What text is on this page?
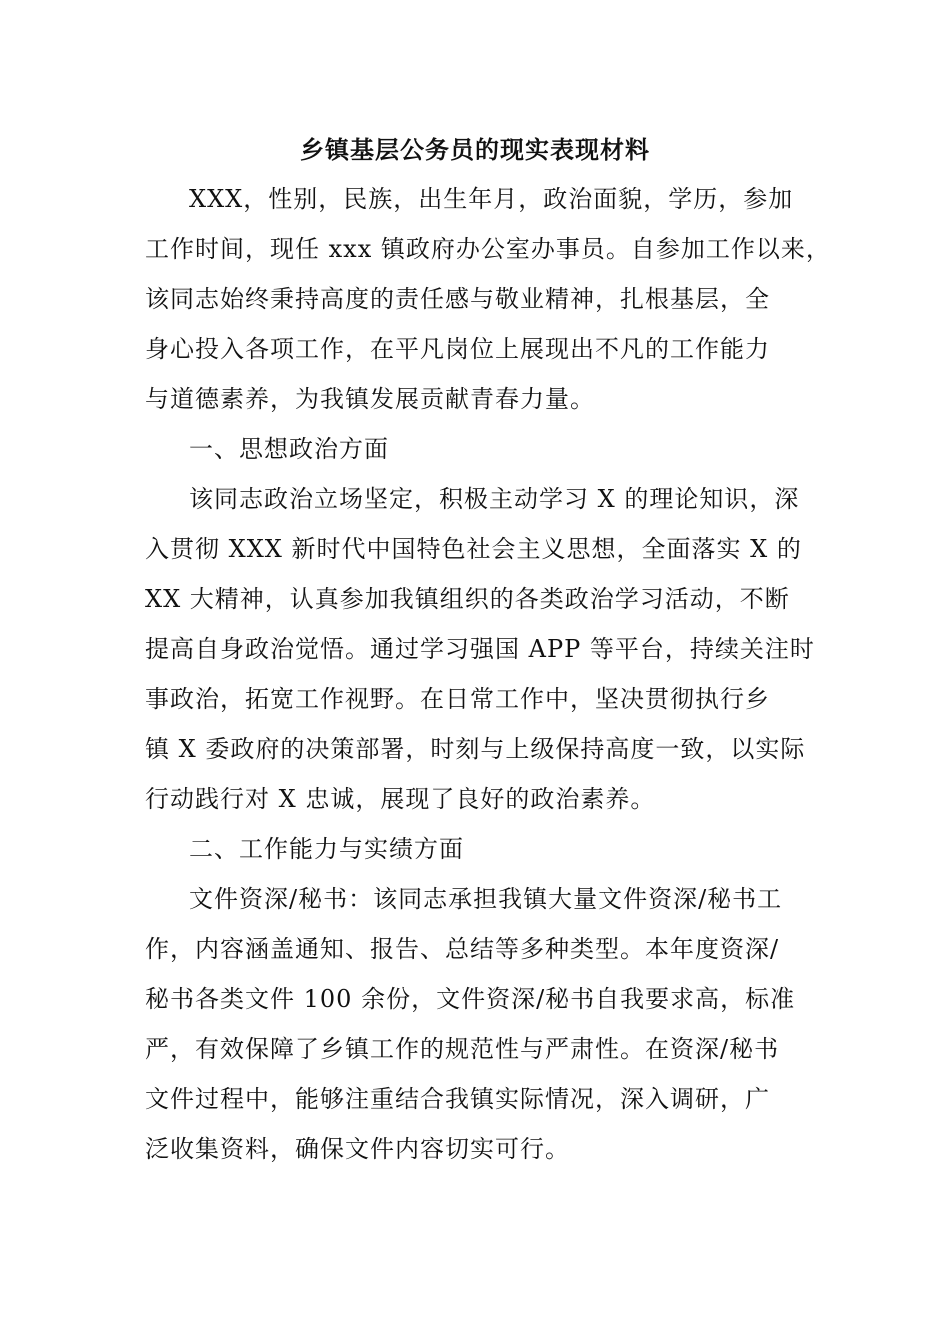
乡镇基层公务员的现实表现材料
XXX，性别，民族，出生年月，政治面貌，学历，参加
工作时间，现任 xxx 镇政府办公室办事员。自参加工作以来，
该同志始终秉持高度的责任感与敬业精神，扎根基层，全
身心投入各项工作，在平凡岗位上展现出不凡的工作能力
与道德素养，为我镇发展贡献青春力量。
一、思想政治方面
该同志政治立场坚定，积极主动学习 X 的理论知识，深
入贯彻 XXX 新时代中国特色社会主义思想，全面落实 X 的
XX 大精神，认真参加我镇组织的各类政治学习活动，不断
提高自身政治觉悟。通过学习强国 APP 等平台，持续关注时
事政治，拓宽工作视野。在日常工作中，坚决贯彻执行乡
镇 X 委政府的决策部署，时刻与上级保持高度一致，以实际
行动践行对 X 忠诚，展现了良好的政治素养。
二、工作能力与实绩方面
文件资深/秘书：该同志承担我镇大量文件资深/秘书工
作，内容涵盖通知、报告、总结等多种类型。本年度资深/
秘书各类文件 100 余份，文件资深/秘书自我要求高，标准
严，有效保障了乡镇工作的规范性与严肃性。在资深/秘书
文件过程中，能够注重结合我镇实际情况，深入调研，广
泛收集资料，确保文件内容切实可行。
